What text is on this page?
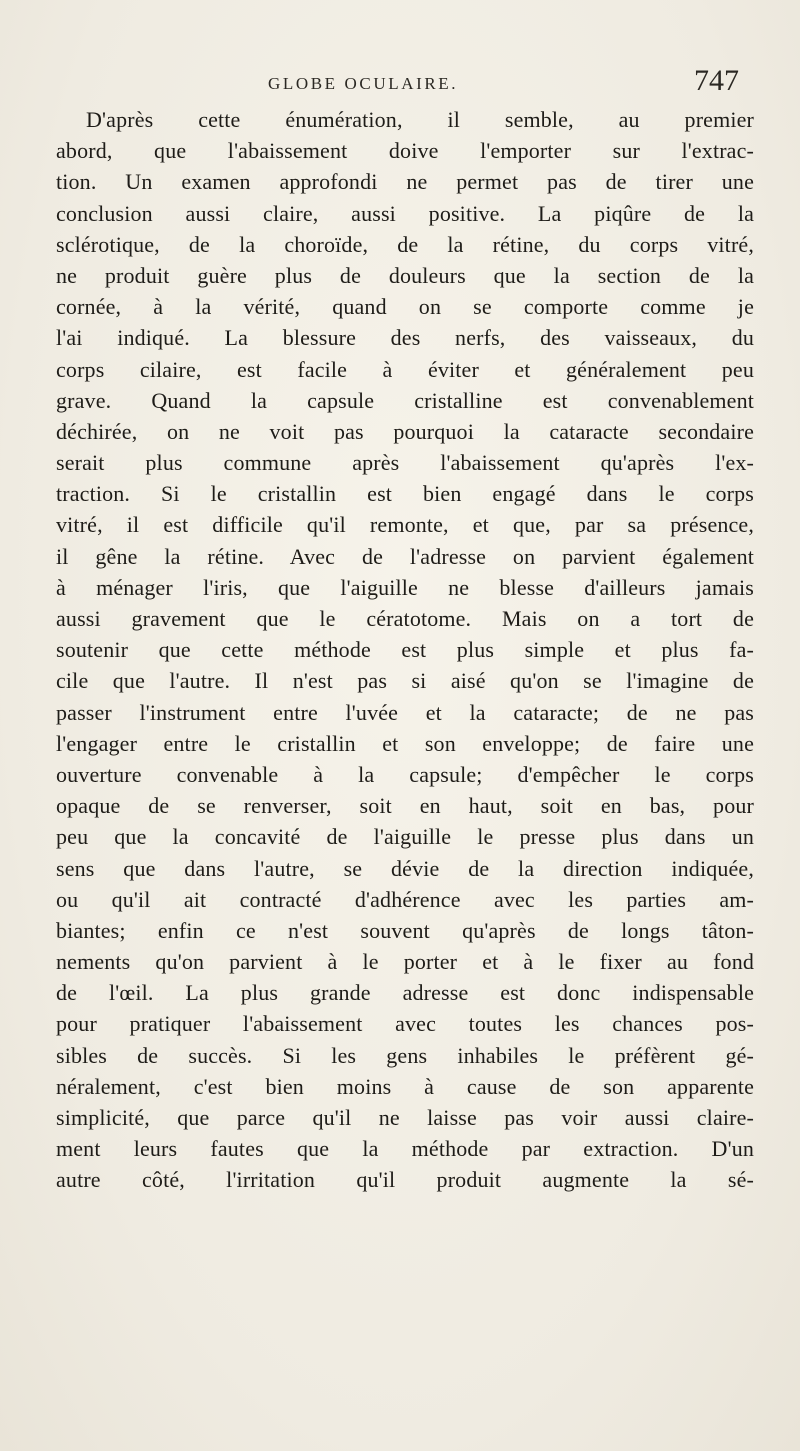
GLOBE OCULAIRE.	747
D'après cette énumération, il semble, au premier
abord, que l'abaissement doive l'emporter sur l'extrac-
tion. Un examen approfondi ne permet pas de tirer une
conclusion aussi claire, aussi positive. La piqûre de la
sclérotique, de la choroïde, de la rétine, du corps vitré,
ne produit guère plus de douleurs que la section de la
cornée, à la vérité, quand on se comporte comme je
l'ai indiqué. La blessure des nerfs, des vaisseaux, du
corps cilaire, est facile à éviter et généralement peu
grave. Quand la capsule cristalline est convenablement
déchirée, on ne voit pas pourquoi la cataracte secondaire
serait plus commune après l'abaissement qu'après l'ex-
traction. Si le cristallin est bien engagé dans le corps
vitré, il est difficile qu'il remonte, et que, par sa présence,
il gêne la rétine. Avec de l'adresse on parvient également
à ménager l'iris, que l'aiguille ne blesse d'ailleurs jamais
aussi gravement que le cératotome. Mais on a tort de
soutenir que cette méthode est plus simple et plus fa-
cile que l'autre. Il n'est pas si aisé qu'on se l'imagine de
passer l'instrument entre l'uvée et la cataracte; de ne pas
l'engager entre le cristallin et son enveloppe; de faire une
ouverture convenable à la capsule; d'empêcher le corps
opaque de se renverser, soit en haut, soit en bas, pour
peu que la concavité de l'aiguille le presse plus dans un
sens que dans l'autre, se dévie de la direction indiquée,
ou qu'il ait contracté d'adhérence avec les parties am-
biantes; enfin ce n'est souvent qu'après de longs tâton-
nements qu'on parvient à le porter et à le fixer au fond
de l'œil. La plus grande adresse est donc indispensable
pour pratiquer l'abaissement avec toutes les chances pos-
sibles de succès. Si les gens inhabiles le préfèrent gé-
néralement, c'est bien moins à cause de son apparente
simplicité, que parce qu'il ne laisse pas voir aussi claire-
ment leurs fautes que la méthode par extraction. D'un
autre côté, l'irritation qu'il produit augmente la sé-
